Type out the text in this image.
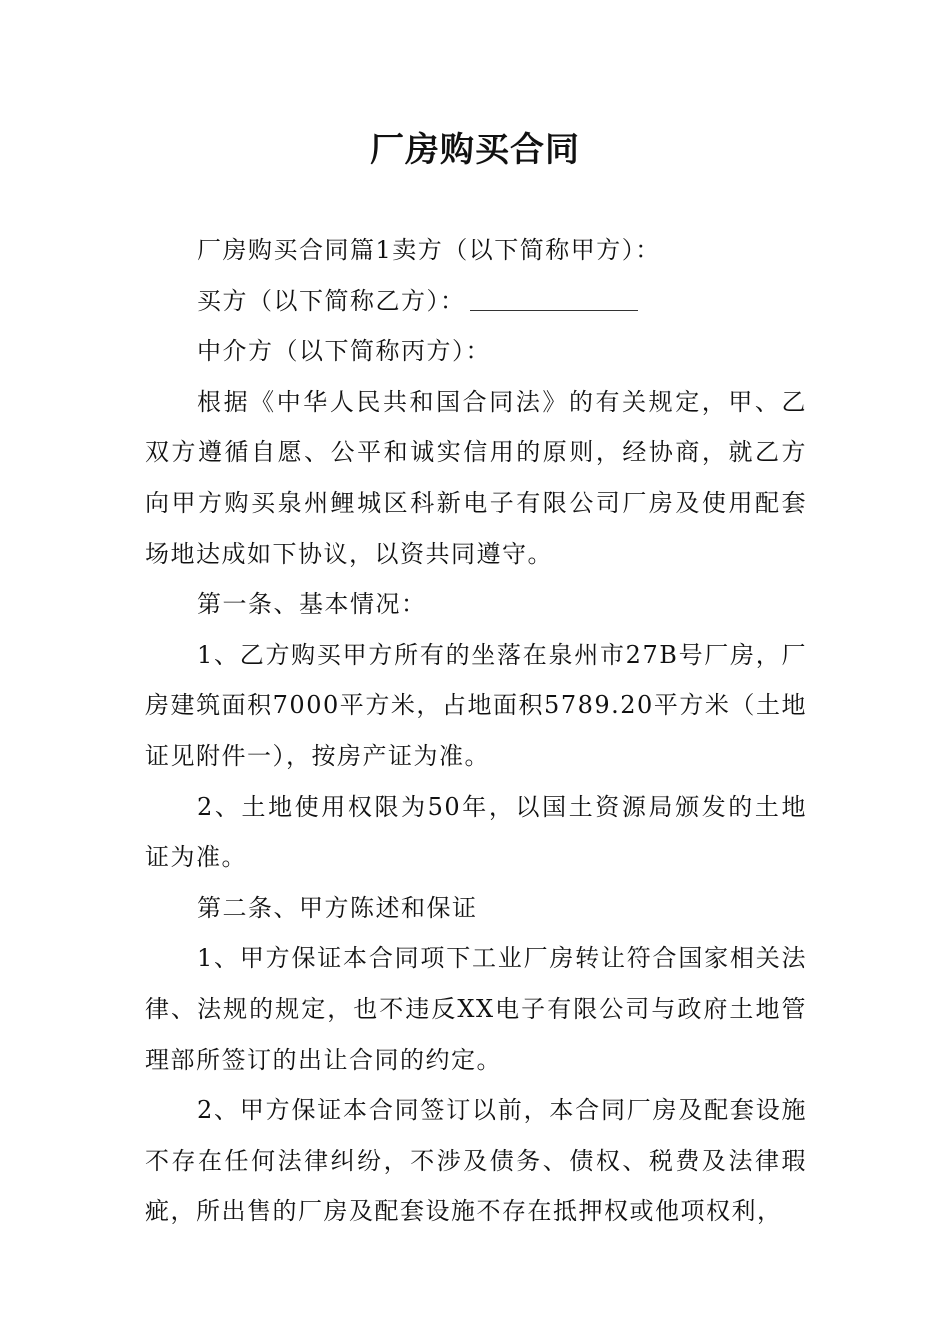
厂房购买合同

厂房购买合同篇1卖方（以下简称甲方）：

买方（以下简称乙方）：

中介方（以下简称丙方）：

根据《中华人民共和国合同法》的有关规定，甲、乙双方遵循自愿、公平和诚实信用的原则，经协商，就乙方向甲方购买泉州鲤城区科新电子有限公司厂房及使用配套场地达成如下协议，以资共同遵守。

第一条、基本情况：

1、乙方购买甲方所有的坐落在泉州市27B号厂房，厂房建筑面积7000平方米，占地面积5789.20平方米（土地证见附件一），按房产证为准。

2、土地使用权限为50年，以国土资源局颁发的土地证为准。

第二条、甲方陈述和保证

1、甲方保证本合同项下工业厂房转让符合国家相关法律、法规的规定，也不违反XX电子有限公司与政府土地管理部所签订的出让合同的约定。

2、甲方保证本合同签订以前，本合同厂房及配套设施不存在任何法律纠纷，不涉及债务、债权、税费及法律瑕疵，所出售的厂房及配套设施不存在抵押权或他项权利，
